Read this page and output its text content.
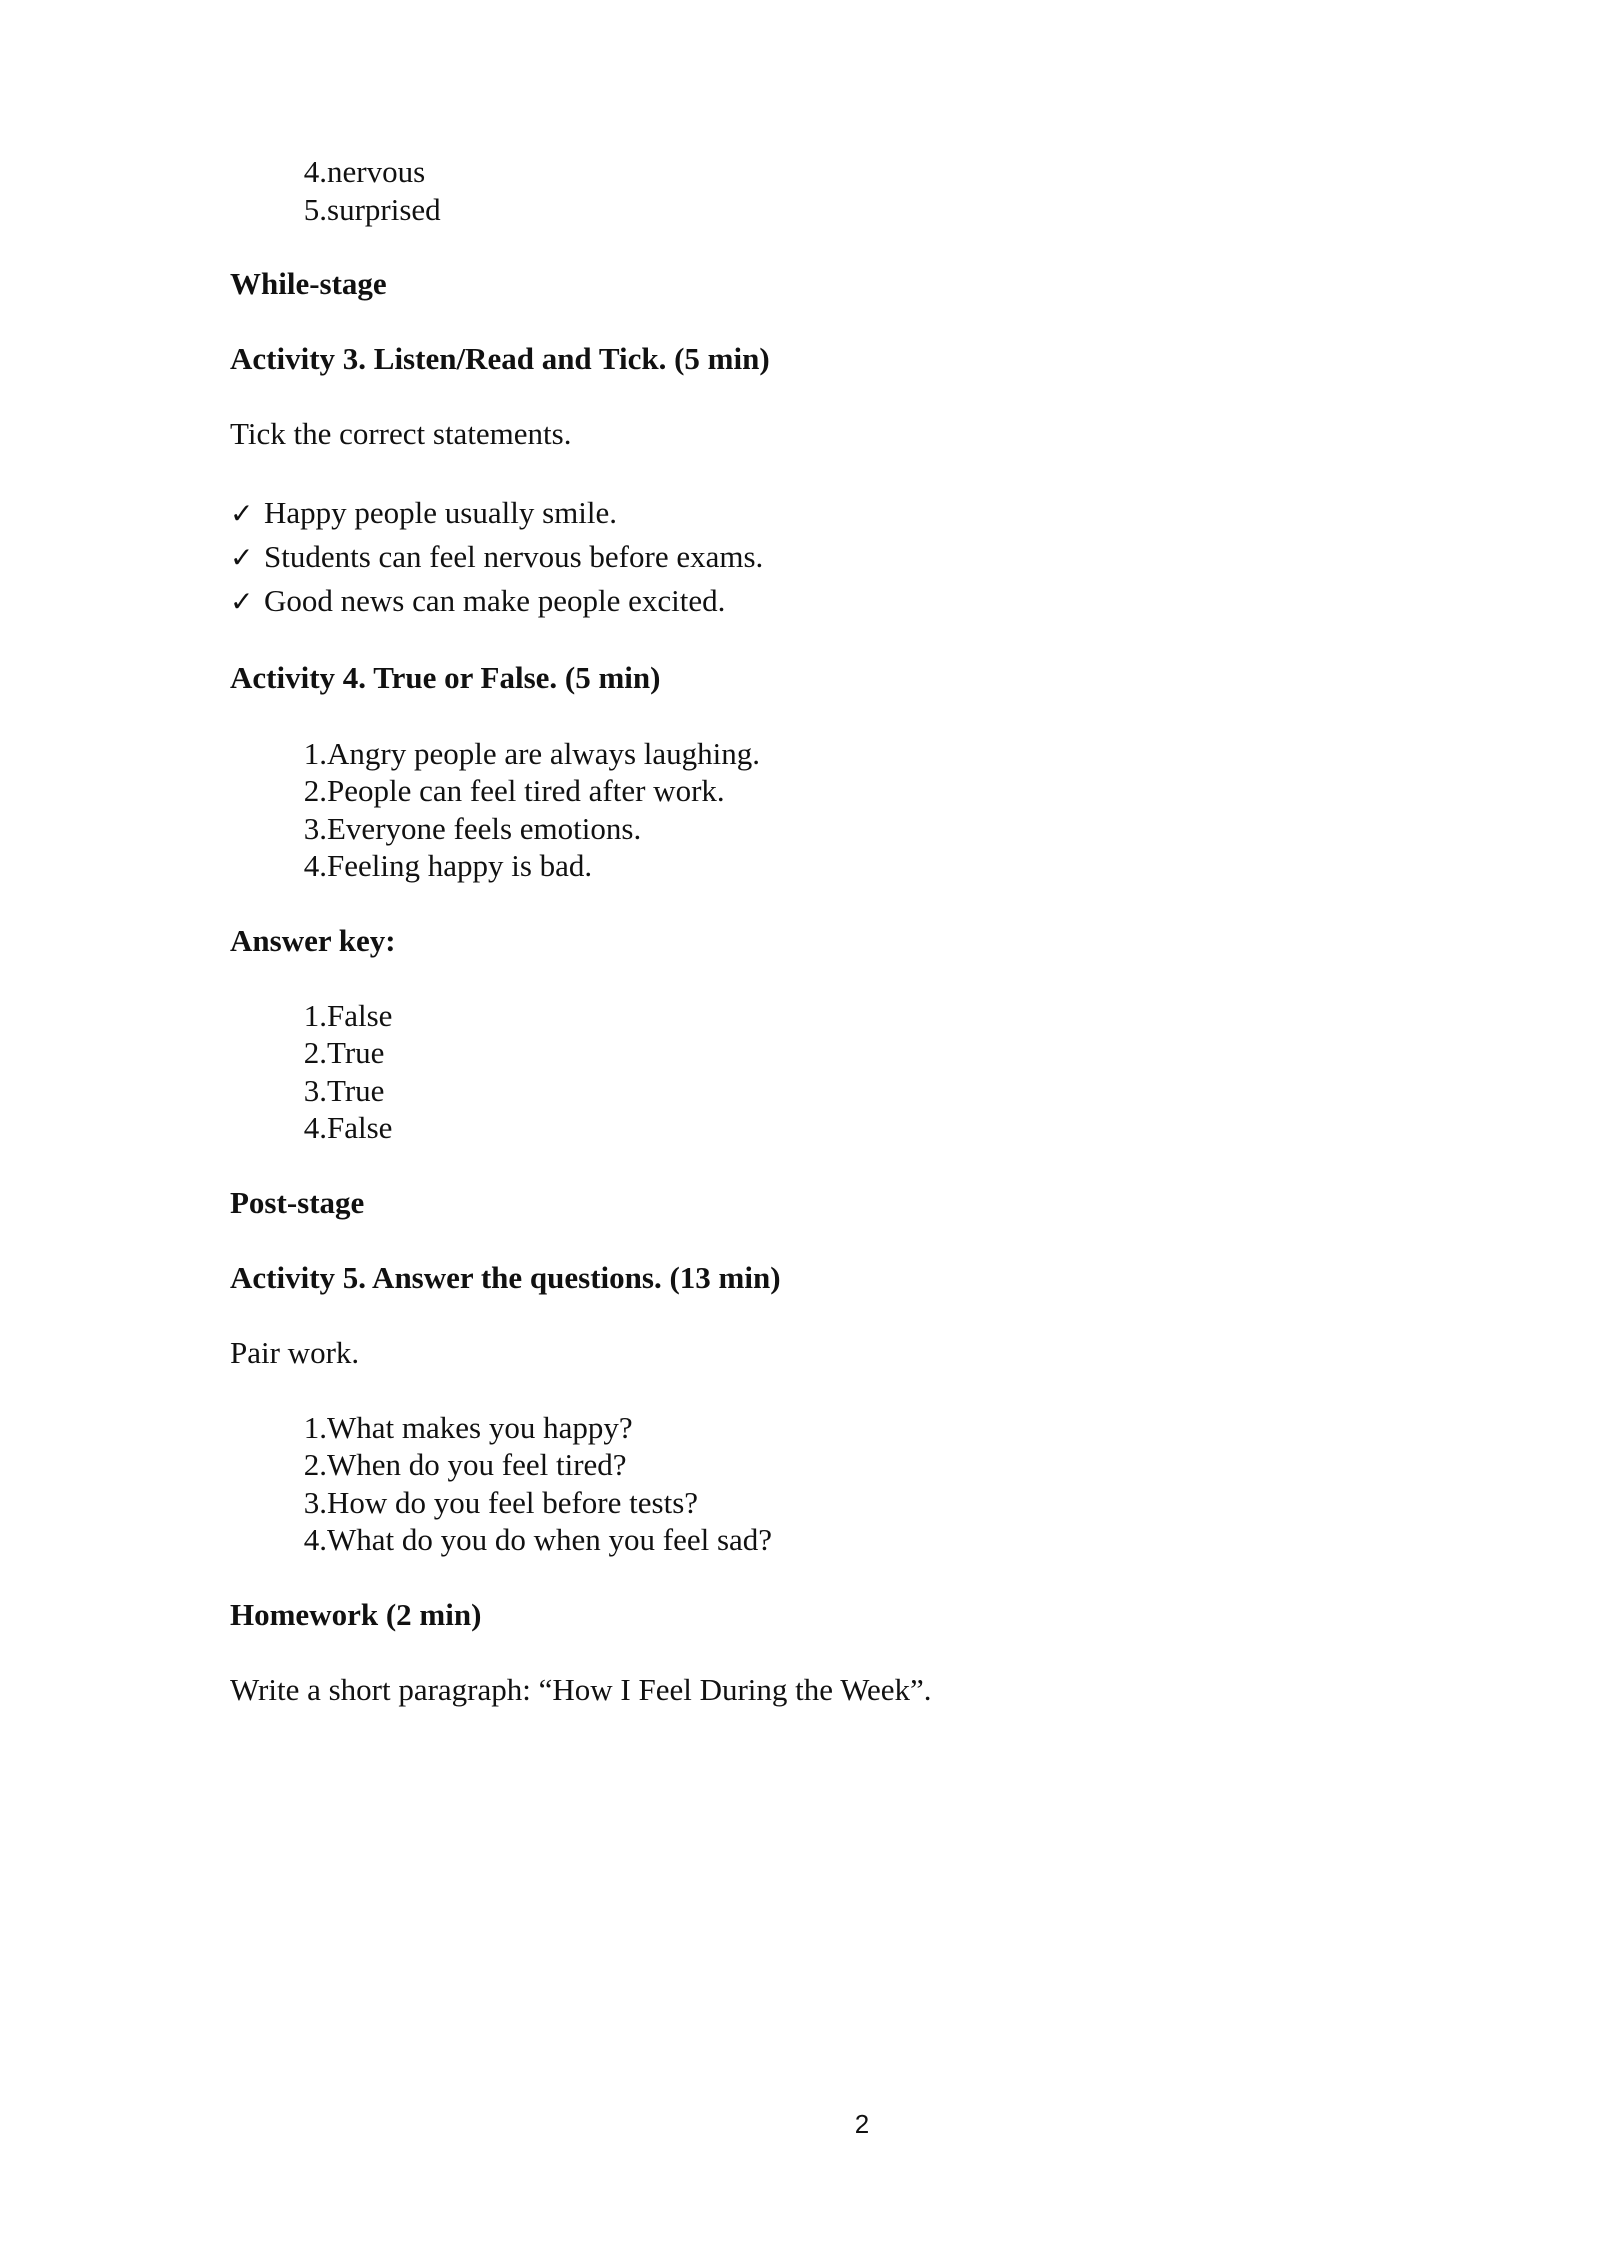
4. nervous
5. surprised
While-stage
Activity 3. Listen/Read and Tick. (5 min)
Tick the correct statements.
✓ Happy people usually smile.
✓ Students can feel nervous before exams.
✓ Good news can make people excited.
Activity 4. True or False. (5 min)
1. Angry people are always laughing.
2. People can feel tired after work.
3. Everyone feels emotions.
4. Feeling happy is bad.
Answer key:
1. False
2. True
3. True
4. False
Post-stage
Activity 5. Answer the questions. (13 min)
Pair work.
1. What makes you happy?
2. When do you feel tired?
3. How do you feel before tests?
4. What do you do when you feel sad?
Homework (2 min)
Write a short paragraph: “How I Feel During the Week”.
2
